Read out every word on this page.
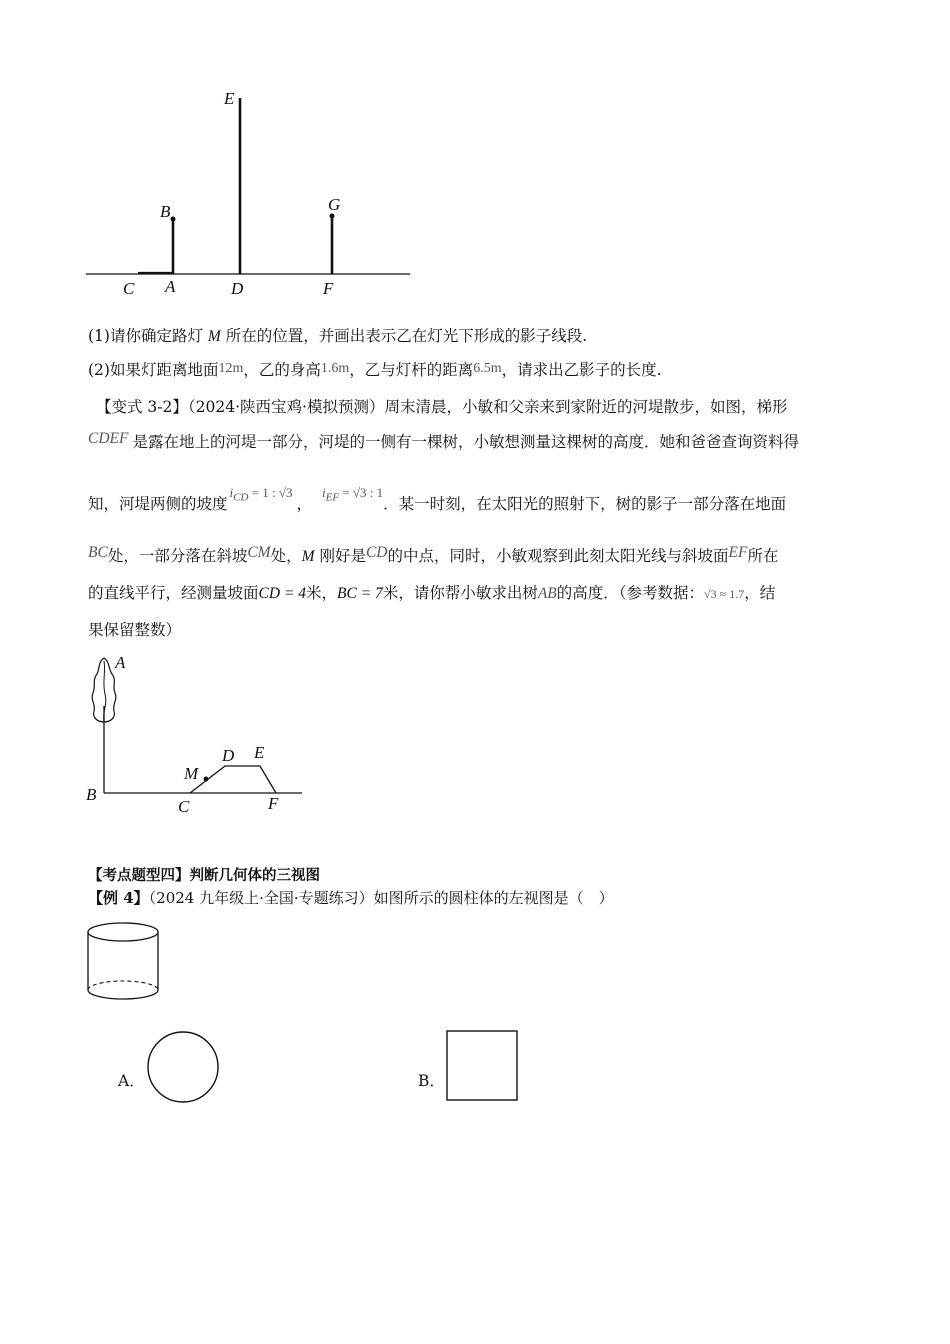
E
B	G
C A	D	F
(1)请你确定路灯 M 所在的位置，并画出表示乙在灯光下形成的影子线段.
(2)如果灯距离地面12m，乙的身高1.6m，乙与灯杆的距离6.5m，请求出乙影子的长度.
【变式 3-2】（2024·陕西宝鸡·模拟预测）周末清晨，小敏和父亲来到家附近的河堤散步，如图，梯形
CDEF 是露在地上的河堤一部分，河堤的一侧有一棵树，小敏想测量这棵树的高度．她和爸爸查询资料得
知，河堤两侧的坡度$^{i_{CD} = 1 : √3}$，$^{i_{EF} = √3 : 1}$．某一时刻，在太阳光的照射下，树的影子一部分落在地面
BC处，一部分落在斜坡CM处，M 刚好是CD的中点，同时，小敏观察到此刻太阳光线与斜坡面EF所在
的直线平行，经测量坡面CD = 4米，BC = 7米，请你帮小敏求出树AB的高度．（参考数据：√3 ≈ 1.7，结
果保留整数）
A
B
C
D E
F
M
【考点题型四】判断几何体的三视图
【例 4】（2024 九年级上·全国·专题练习）如图所示的圆柱体的左视图是（　）
A．	B．
